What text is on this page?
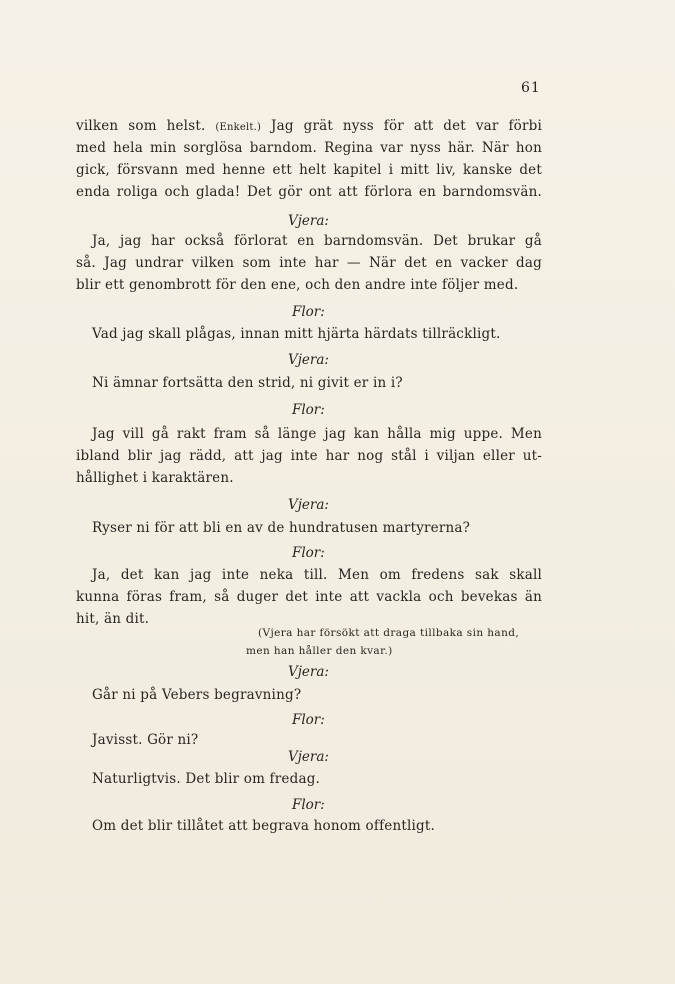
61
vilken som helst. (Enkelt.) Jag grät nyss för att det var förbi
med hela min sorglösa barndom. Regina var nyss här. När hon
gick, försvann med henne ett helt kapitel i mitt liv, kanske det
enda roliga och glada! Det gör ont att förlora en barndomsvän.
Vjera:
Ja, jag har också förlorat en barndomsvän. Det brukar gå
så. Jag undrar vilken som inte har — När det en vacker dag
blir ett genombrott för den ene, och den andre inte följer med.
Flor:
Vad jag skall plågas, innan mitt hjärta härdats tillräckligt.
Vjera:
Ni ämnar fortsätta den strid, ni givit er in i?
Flor:
Jag vill gå rakt fram så länge jag kan hålla mig uppe. Men
ibland blir jag rädd, att jag inte har nog stål i viljan eller ut-
hållighet i karaktären.
Vjera:
Ryser ni för att bli en av de hundratusen martyrerna?
Flor:
Ja, det kan jag inte neka till. Men om fredens sak skall
kunna föras fram, så duger det inte att vackla och bevekas än
hit, än dit.
(Vjera har försökt att draga tillbaka sin hand,
men han håller den kvar.)
Vjera:
Går ni på Vebers begravning?
Flor:
Javisst. Gör ni?
Vjera:
Naturligtvis. Det blir om fredag.
Flor:
Om det blir tillåtet att begrava honom offentligt.
